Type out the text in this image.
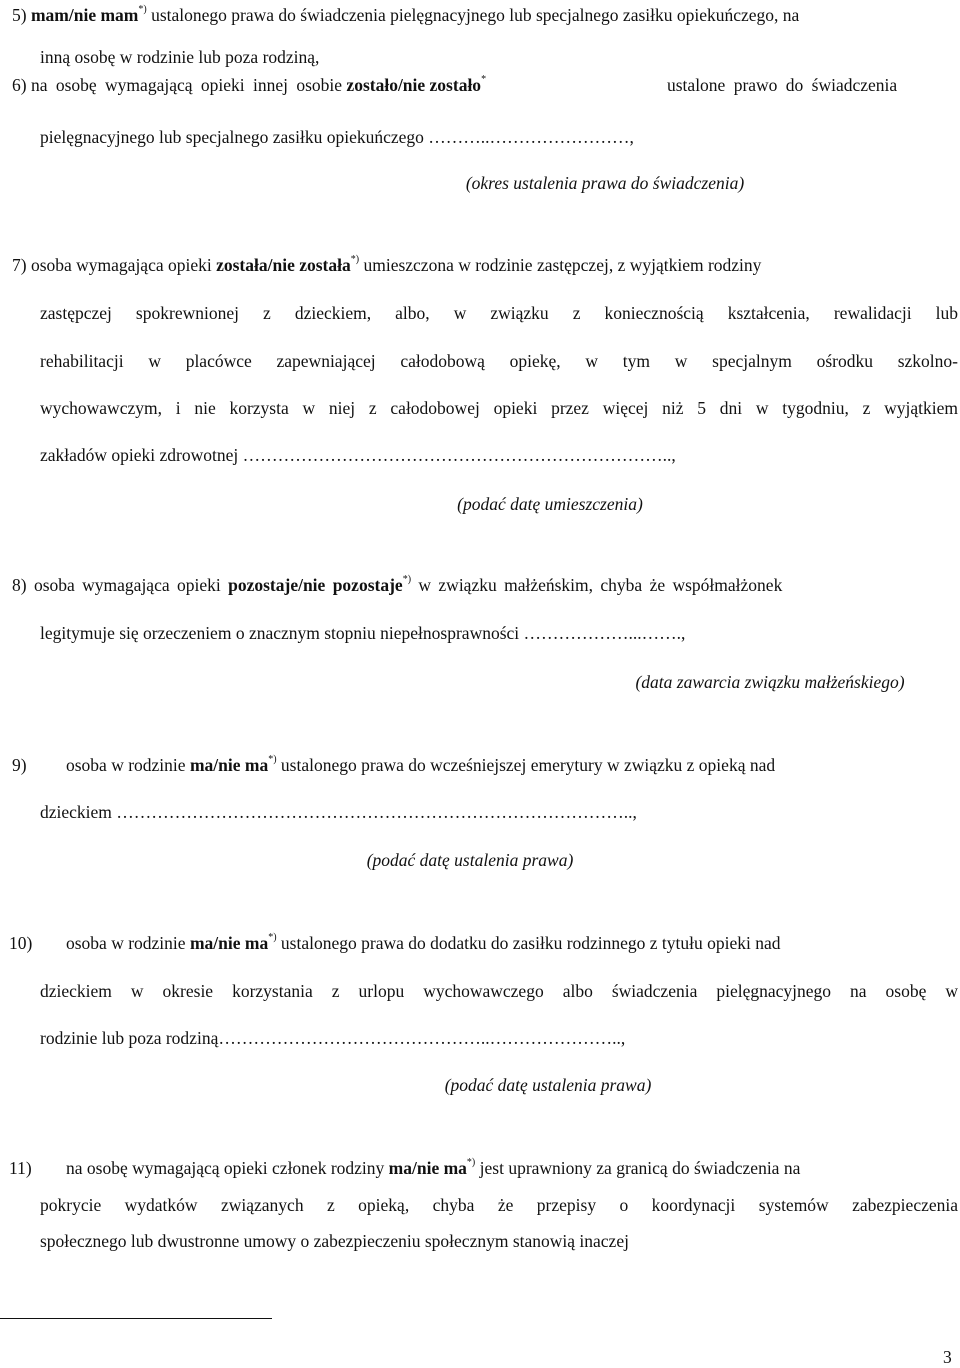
5) mam/nie mam*) ustalonego prawa do świadczenia pielęgnacyjnego lub specjalnego zasiłku opiekuńczego, na
inną osobę w rodzinie lub poza rodziną,
6) na osobę wymagającą opieki innej osobie zostało/nie zostało*	ustalone prawo do świadczenia
pielęgnacyjnego lub specjalnego zasiłku opiekuńczego ………..……………………,
(okres ustalenia prawa do świadczenia)
7) osoba wymagająca opieki została/nie została*) umieszczona w rodzinie zastępczej, z wyjątkiem rodziny
zastępczej spokrewnionej z dzieckiem, albo, w związku z koniecznością kształcenia, rewalidacji lub
rehabilitacji w placówce zapewniającej całodobową opiekę, w tym w specjalnym ośrodku szkolno-
wychowawczym, i nie korzysta w niej z całodobowej opieki przez więcej niż 5 dni w tygodniu, z wyjątkiem
zakładów opieki zdrowotnej ………………………………………………………………..,
(podać datę umieszczenia)
8) osoba wymagająca opieki pozostaje/nie pozostaje*) w związku małżeńskim, chyba że współmałżonek
legitymuje się orzeczeniem o znacznym stopniu niepełnosprawności ………………...…….,
(data zawarcia związku małżeńskiego)
9) osoba w rodzinie ma/nie ma*) ustalonego prawa do wcześniejszej emerytury w związku z opieką nad
dzieckiem ……………………………………………………………………………..,
(podać datę ustalenia prawa)
10) osoba w rodzinie ma/nie ma*) ustalonego prawa do dodatku do zasiłku rodzinnego z tytułu opieki nad
dzieckiem w okresie korzystania z urlopu wychowawczego albo świadczenia pielęgnacyjnego na osobę w
rodzinie lub poza rodziną………………………………………..…………………..,
(podać datę ustalenia prawa)
11) na osobę wymagającą opieki członek rodziny ma/nie ma*) jest uprawniony za granicą do świadczenia na
pokrycie wydatków związanych z opieką, chyba że przepisy o koordynacji systemów zabezpieczenia
społecznego lub dwustronne umowy o zabezpieczeniu społecznym stanowią inaczej
3
